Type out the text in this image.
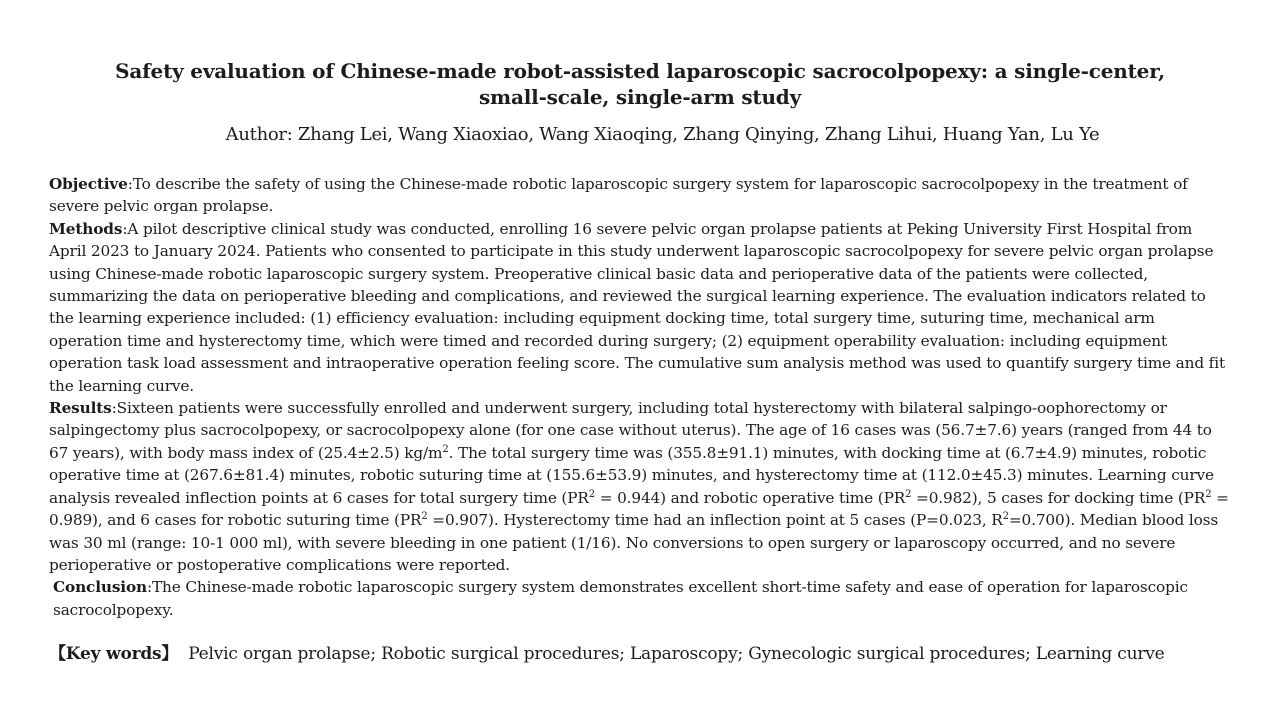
Safety evaluation of Chinese-made robot-assisted laparoscopic sacrocolpopexy: a single-center,
small-scale, single-arm study
Author: Zhang Lei, Wang Xiaoxiao, Wang Xiaoqing, Zhang Qinying, Zhang Lihui, Huang Yan, Lu Ye

Objective:To describe the safety of using the Chinese-made robotic laparoscopic surgery system for laparoscopic sacrocolpopexy in the treatment of severe pelvic organ prolapse.

Methods:A pilot descriptive clinical study was conducted, enrolling 16 severe pelvic organ prolapse patients at Peking University First Hospital from April 2023 to January 2024. Patients who consented to participate in this study underwent laparoscopic sacrocolpopexy for severe pelvic organ prolapse using Chinese-made robotic laparoscopic surgery system. Preoperative clinical basic data and perioperative data of the patients were collected, summarizing the data on perioperative bleeding and complications, and reviewed the surgical learning experience. The evaluation indicators related to the learning experience included: (1) efficiency evaluation: including equipment docking time, total surgery time, suturing time, mechanical arm operation time and hysterectomy time, which were timed and recorded during surgery; (2) equipment operability evaluation: including equipment operation task load assessment and intraoperative operation feeling score. The cumulative sum analysis method was used to quantify surgery time and fit the learning curve.

Results:Sixteen patients were successfully enrolled and underwent surgery, including total hysterectomy with bilateral salpingo-oophorectomy or salpingectomy plus sacrocolpopexy, or sacrocolpopexy alone (for one case without uterus). The age of 16 cases was (56.7±7.6) years (ranged from 44 to 67 years), with body mass index of (25.4±2.5) $kg/m^2$. The total surgery time was (355.8±91.1) minutes, with docking time at (6.7±4.9) minutes, robotic operative time at (267.6±81.4) minutes, robotic suturing time at (155.6±53.9) minutes, and hysterectomy time at (112.0±45.3) minutes. Learning curve analysis revealed inflection points at 6 cases for total surgery time $(PR^2 = 0.944)$ and robotic operative time $(PR^2 =0.982)$, 5 cases for docking time $(PR^2 = 0.989)$, and 6 cases for robotic suturing time $(PR^2 =0.907)$. Hysterectomy time had an inflection point at 5 cases (P=0.023, $R^2=0.700$). Median blood loss was 30 ml (range: 10-1 000 ml), with severe bleeding in one patient (1/16). No conversions to open surgery or laparoscopy occurred, and no severe perioperative or postoperative complications were reported.

Conclusion:The Chinese-made robotic laparoscopic surgery system demonstrates excellent short-time safety and ease of operation for laparoscopic sacrocolpopexy.

【Key words】 Pelvic organ prolapse; Robotic surgical procedures; Laparoscopy; Gynecologic surgical procedures; Learning curve
